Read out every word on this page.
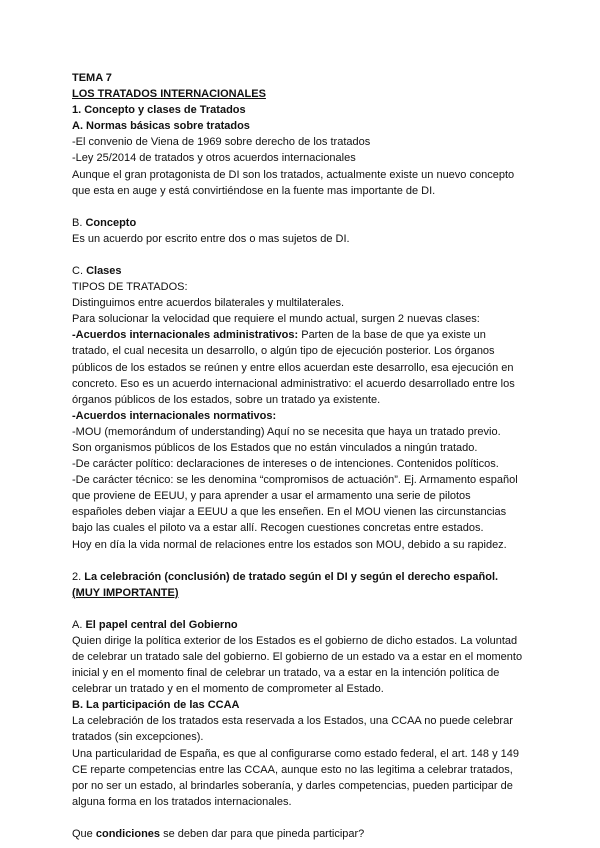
TEMA 7
LOS TRATADOS INTERNACIONALES
1. Concepto y clases de Tratados
A. Normas básicas sobre tratados
-El convenio de Viena de 1969 sobre derecho de los tratados
-Ley 25/2014 de tratados y otros acuerdos internacionales
Aunque el gran protagonista de DI son los tratados, actualmente existe un nuevo concepto
que esta en auge y está convirtiéndose en la fuente mas importante de DI.
B. Concepto
Es un acuerdo por escrito entre dos o mas sujetos de DI.
C. Clases
TIPOS DE TRATADOS:
Distinguimos entre acuerdos bilaterales y multilaterales.
Para solucionar la velocidad que requiere el mundo actual, surgen 2 nuevas clases:
-Acuerdos internacionales administrativos: Parten de la base de que ya existe un
tratado, el cual necesita un desarrollo, o algún tipo de ejecución posterior. Los órganos
públicos de los estados se reúnen y entre ellos acuerdan este desarrollo, esa ejecución en
concreto. Eso es un acuerdo internacional administrativo: el acuerdo desarrollado entre los
órganos públicos de los estados, sobre un tratado ya existente.
-Acuerdos internacionales normativos:
-MOU (memorándum of understanding) Aquí no se necesita que haya un tratado previo.
Son organismos públicos de los Estados que no están vinculados a ningún tratado.
-De carácter político: declaraciones de intereses o de intenciones. Contenidos políticos.
-De carácter técnico: se les denomina “compromisos de actuación”. Ej. Armamento español
que proviene de EEUU, y para aprender a usar el armamento una serie de pilotos
españoles deben viajar a EEUU a que les enseñen. En el MOU vienen las circunstancias
bajo las cuales el piloto va a estar allí. Recogen cuestiones concretas entre estados.
Hoy en día la vida normal de relaciones entre los estados son MOU, debido a su rapidez.
2. La celebración (conclusión) de tratado según el DI y según el derecho español.
(MUY IMPORTANTE)
A. El papel central del Gobierno
Quien dirige la política exterior de los Estados es el gobierno de dicho estados. La voluntad
de celebrar un tratado sale del gobierno. El gobierno de un estado va a estar en el momento
inicial y en el momento final de celebrar un tratado, va a estar en la intención política de
celebrar un tratado y en el momento de comprometer al Estado.
B. La participación de las CCAA
La celebración de los tratados esta reservada a los Estados, una CCAA no puede celebrar
tratados (sin excepciones).
Una particularidad de España, es que al configurarse como estado federal, el art. 148 y 149
CE reparte competencias entre las CCAA, aunque esto no las legitima a celebrar tratados,
por no ser un estado, al brindarles soberanía, y darles competencias, pueden participar de
alguna forma en los tratados internacionales.
Que condiciones se deben dar para que pineda participar?
